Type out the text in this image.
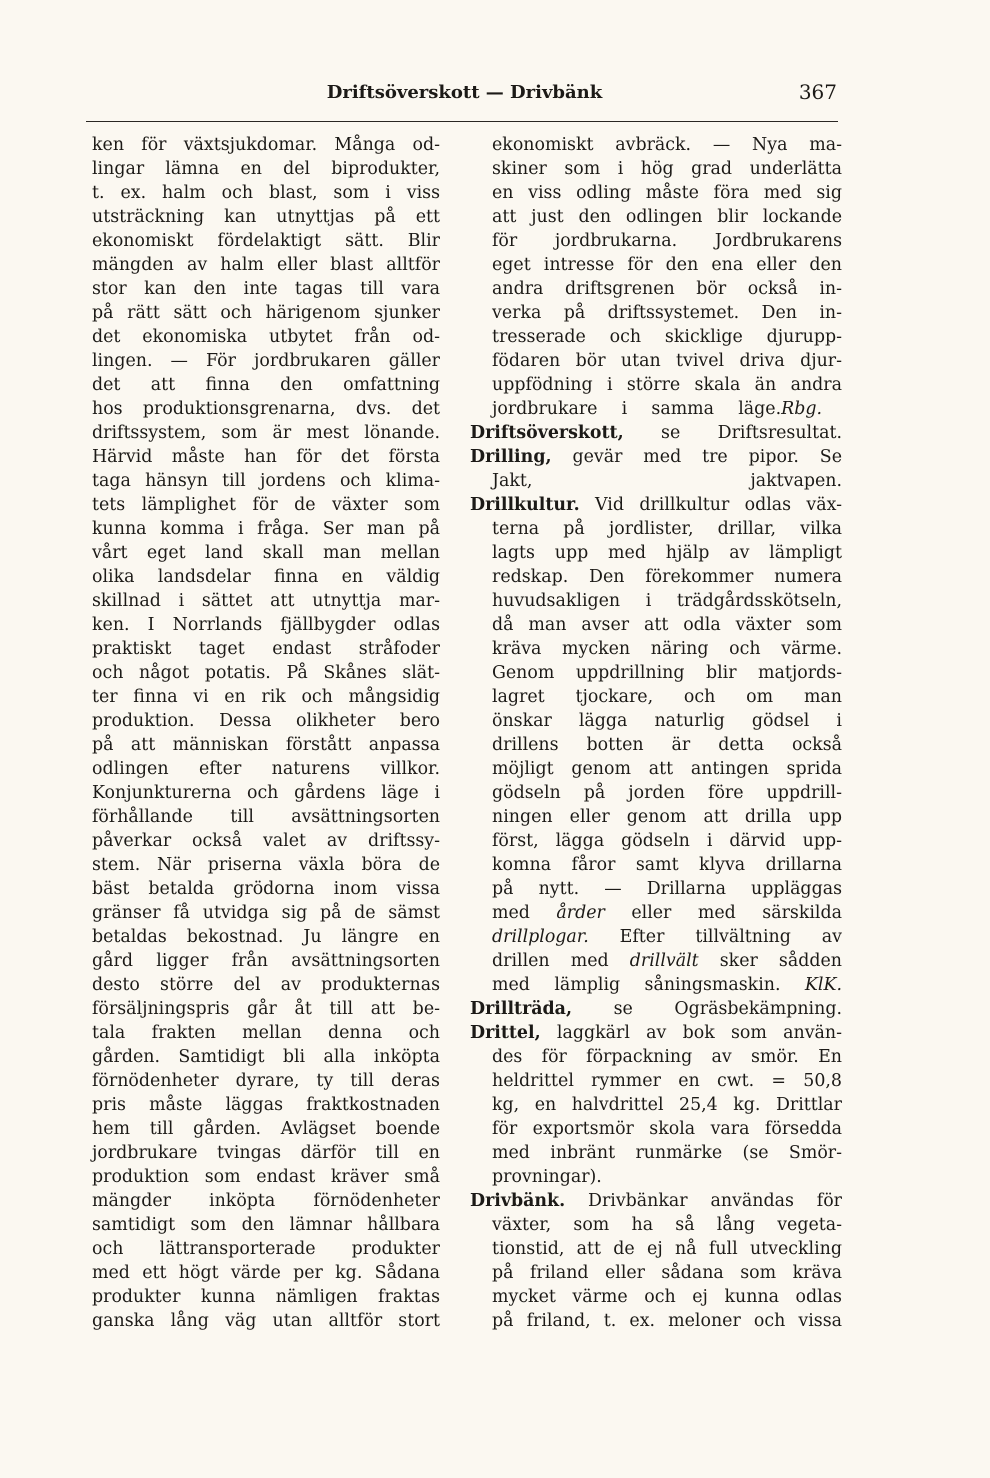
Driftsöverskott — Drivbänk	367
ken för växtsjukdomar. Många od-
lingar lämna en del biprodukter,
t. ex. halm och blast, som i viss
utsträckning kan utnyttjas på ett
ekonomiskt fördelaktigt sätt. Blir
mängden av halm eller blast alltför
stor kan den inte tagas till vara
på rätt sätt och härigenom sjunker
det ekonomiska utbytet från od-
lingen. — För jordbrukaren gäller
det att finna den omfattning
hos produktionsgrenarna, dvs. det
driftssystem, som är mest lönande.
Härvid måste han för det första
taga hänsyn till jordens och klima-
tets lämplighet för de växter som
kunna komma i fråga. Ser man på
vårt eget land skall man mellan
olika landsdelar finna en väldig
skillnad i sättet att utnyttja mar-
ken. I Norrlands fjällbygder odlas
praktiskt taget endast stråfoder
och något potatis. På Skånes slät-
ter finna vi en rik och mångsidig
produktion. Dessa olikheter bero
på att människan förstått anpassa
odlingen efter naturens villkor.
Konjunkturerna och gårdens läge i
förhållande till avsättningsorten
påverkar också valet av driftssy-
stem. När priserna växla böra de
bäst betalda grödorna inom vissa
gränser få utvidga sig på de sämst
betaldas bekostnad. Ju längre en
gård ligger från avsättningsorten
desto större del av produkternas
försäljningspris går åt till att be-
tala frakten mellan denna och
gården. Samtidigt bli alla inköpta
förnödenheter dyrare, ty till deras
pris måste läggas fraktkostnaden
hem till gården. Avlägset boende
jordbrukare tvingas därför till en
produktion som endast kräver små
mängder inköpta förnödenheter
samtidigt som den lämnar hållbara
och lättransporterade produkter
med ett högt värde per kg. Sådana
produkter kunna nämligen fraktas
ganska lång väg utan alltför stort
ekonomiskt avbräck. — Nya ma-
skiner som i hög grad underlätta
en viss odling måste föra med sig
att just den odlingen blir lockande
för jordbrukarna. Jordbrukarens
eget intresse för den ena eller den
andra driftsgrenen bör också in-
verka på driftssystemet. Den in-
tresserade och skicklige djurupp-
födaren bör utan tvivel driva djur-
uppfödning i större skala än andra
jordbrukare i samma läge. Rbg.
Driftsöverskott, se Driftsresultat.
Drilling, gevär med tre pipor. Se
Jakt, jaktvapen.
Drillkultur. Vid drillkultur odlas väx-
terna på jordlister, drillar, vilka
lagts upp med hjälp av lämpligt
redskap. Den förekommer numera
huvudsakligen i trädgårdsskötseln,
då man avser att odla växter som
kräva mycken näring och värme.
Genom uppdrillning blir matjords-
lagret tjockare, och om man
önskar lägga naturlig gödsel i
drillens botten är detta också
möjligt genom att antingen sprida
gödseln på jorden före uppdrill-
ningen eller genom att drilla upp
först, lägga gödseln i därvid upp-
komna fåror samt klyva drillarna
på nytt. — Drillarna uppläggas
med årder eller med särskilda
drillplogar. Efter tillvältning av
drillen med drillvält sker sådden
med lämplig såningsmaskin. KlK.
Drillträda, se Ogräsbekämpning.
Drittel, laggkärl av bok som använ-
des för förpackning av smör. En
heldrittel rymmer en cwt. = 50,8
kg, en halvdrittel 25,4 kg. Drittlar
för exportsmör skola vara försedda
med inbränt runmärke (se Smör-
provningar).
Drivbänk. Drivbänkar användas för
växter, som ha så lång vegeta-
tionstid, att de ej nå full utveckling
på friland eller sådana som kräva
mycket värme och ej kunna odlas
på friland, t. ex. meloner och vissa
